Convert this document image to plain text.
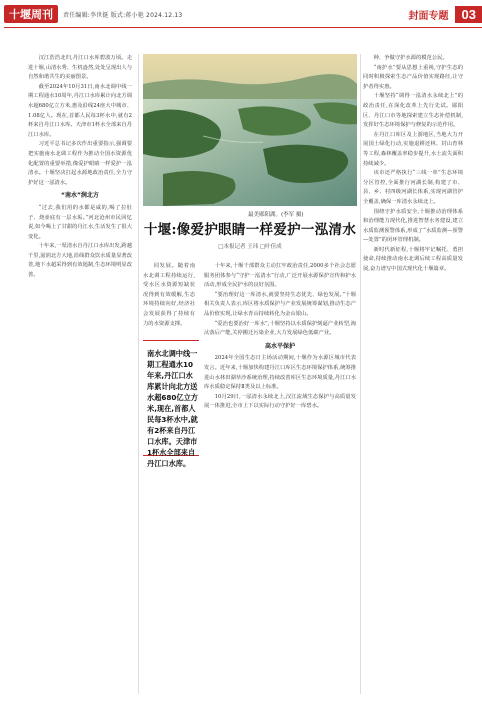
十堰周刊	责任编辑:李世挺 版式:蒋小艳 2024.12.13	封面专题	03

汉江浩浩北归,丹江口水库碧波万顷。走进十堰,山清水秀、生机盎然,处处呈现出人与自然和谐共生的美丽图景。

截至2024年10月31日,南水北调中线一期工程通水10周年,丹江口水库累计向北方调水超680亿立方米,惠及沿线24座大中城市、1.08亿人。现在,首都人民每3杯水中,就有2杯来自丹江口水库。天津市1杯水全部来自丹江口水库。

习近平总书记多次作出重要指示,强调要把实施南水北调工程作为推动全国水资源优化配置的重要举措,像爱护眼睛一样爱护一泓清水。十堰坚决扛起水源地政治责任,全力守护好这一泓清水。

“南水”润北方

“过去,我们用的水都是咸的,喝了拉肚子、烧壶底有一层水垢。”河北沧州市民回忆说,如今喝上了甘甜的丹江水,生活发生了很大变化。

十年来,一渠清水自丹江口水库出发,跨越千里,滋润北方大地,沿线群众饮水质量显著改善,地下水超采得到有效遏制,生态环境明显改善。

最美郧阳湖。(李军 摄)
十堰:像爱护眼睛一样爱护一泓清水
□本报记者 王玮 □叶佳成

同发展。随着南水北调工程持续运行,受水区水资源短缺状况得到有效缓解,生态环境持续向好,经济社会发展获得了持续有力的水资源支撑。

南水北调中线一期工程通水10年来,丹江口水库累计向北方送水超680亿立方米,现在,首都人民每3杯水中,就有2杯来自丹江口水库。天津市1杯水全部来自丹江口水库。

十年来,十堰干部群众主动扛牢政治责任,2000多个社会志愿服务团体参与“守护一泓清水”行动,广泛开展水源保护宣传和护水活动,形成全民护水的良好氛围。

“要治理好这一库清水,就要坚持生态优先、绿色发展。”十堰相关负责人表示,库区将水质保护与产业发展统筹谋划,推动生态产品价值实现,让绿水青山持续转化为金山银山。

“爱治也要治好一库水”,十堰坚持以水质保护倒逼产业转型,淘汰落后产能,关停搬迁污染企业,大力发展绿色低碳产业。

高水平保护

2024年全国生态日主场活动期间,十堰作为水源区城市代表发言。近年来,十堰加快构建丹江口库区生态环境保护体系,统筹推进山水林田湖草沙系统治理,持续改善库区生态环境质量,丹江口水库水质稳定保持Ⅱ类及以上标准。

10月29日,一泓清水永续北上,汉江流域生态保护与高质量发展一体推进,全市上下以实际行动守护好一库碧水。

种、争做守护水源的模范公民。

“南护水”要从思想上重视,守护生态的同时积极探索生态产品价值实现路径,让守护者得实惠。

十堰坚持“调得一泓清水永续北上”的政治责任,在深化改革上先行先试。郧阳区、丹江口市等地探索建立生态补偿机制,发挥好生态环境保护与修复的示范作用。

在丹江口库区及上游地区,当地大力开展国土绿化行动,实施退耕还林、封山育林等工程,森林覆盖率稳步提升,水土流失面积持续减少。

该市还严格执行“三线一单”生态环境分区管控,全面推行河湖长制,构建了市、县、乡、村四级河湖长体系,实现河湖管护全覆盖,确保一库清水永续北上。

围绕守护水质安全,十堰推动治理体系和治理能力现代化,推进智慧水务建设,建立水质监测预警体系,形成了“水质监测—预警—处置”的闭环管理机制。

新时代新征程,十堰将牢记嘱托、勇担使命,持续推动南水北调后续工程高质量发展,奋力谱写中国式现代化十堰篇章。
